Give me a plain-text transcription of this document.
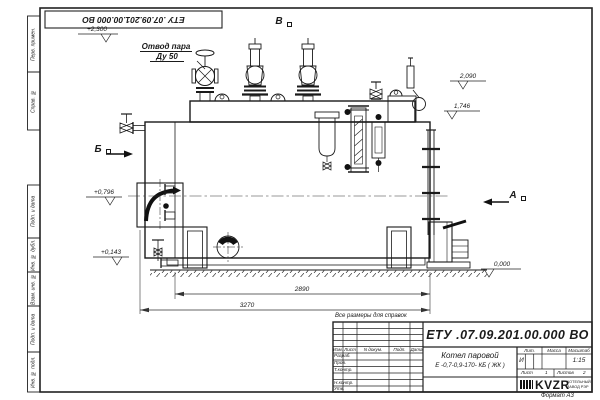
ЕТУ .07.09.201.00.000 ВО
Перв. примен.
Справ. №
Подп. и дата
Инв. № дубл.
Взам. инв. №
Подп. и дата
Инв. № подл.
Отвод пара
Ду 50
В
Б
А
+2,300
2,090
1,746
+0,796
+0,143
0,000
2890
3270
Все размеры для справок
Формат А3
ЕТУ .07.09.201.00.000 ВО
Котел паровой
Е -0,7-0,9-170- КБ ( ЖК )
Изм. Лист	N докум.	Подп.	Дата
Разраб.
Пров.
Т.контр.
Н.контр.
Утв.
Лит.	Масса	Масштаб
И	1:15
Лист	1 Листов 2
KVZR
КОТЕЛЬНЫЙ
ЗАВОД РЭР
